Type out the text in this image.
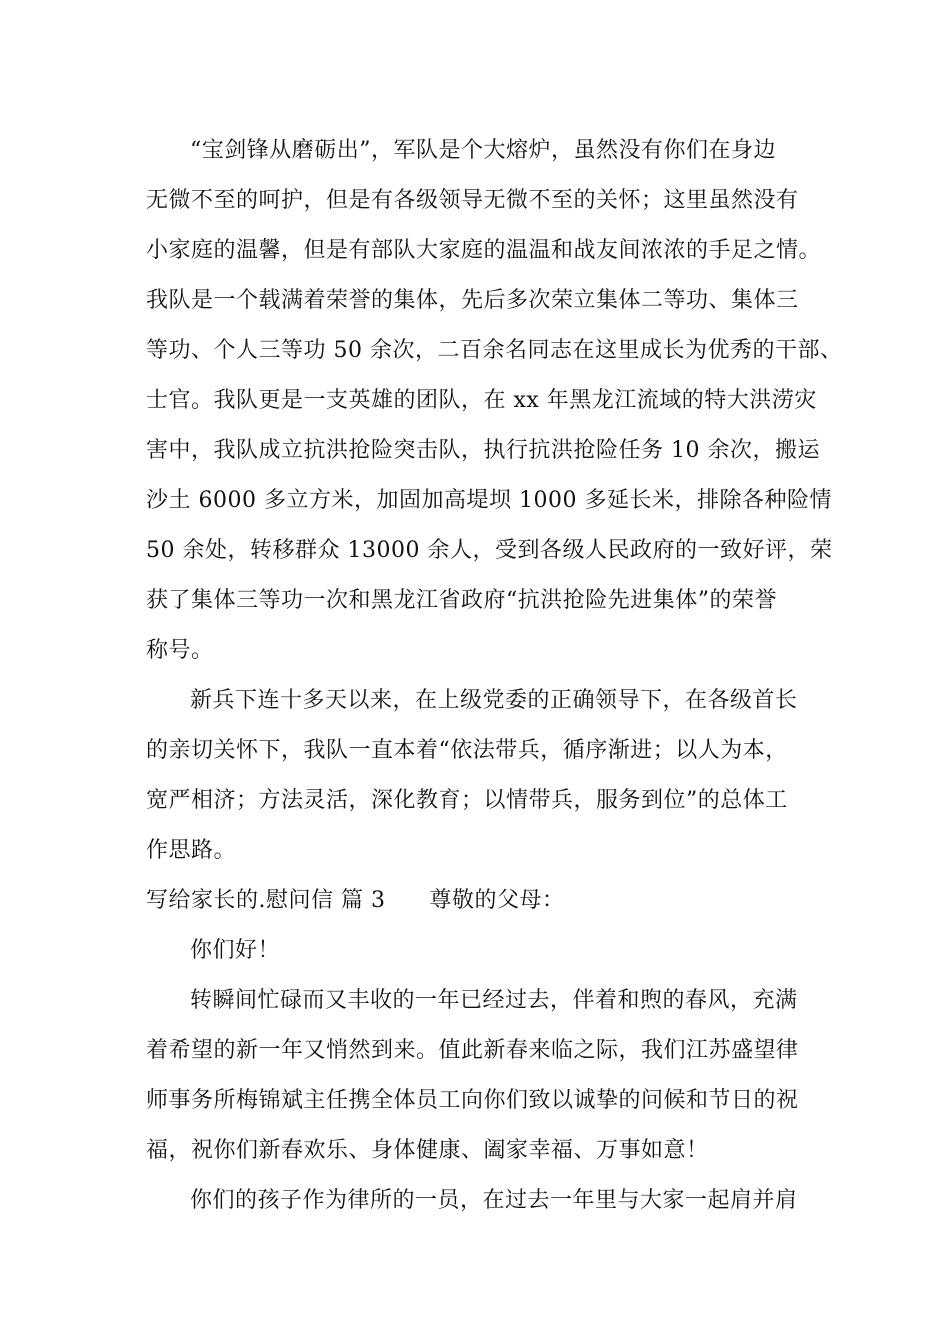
“宝剑锋从磨砺出”，军队是个大熔炉，虽然没有你们在身边
无微不至的呵护，但是有各级领导无微不至的关怀；这里虽然没有
小家庭的温馨，但是有部队大家庭的温温和战友间浓浓的手足之情。
我队是一个载满着荣誉的集体，先后多次荣立集体二等功、集体三
等功、个人三等功 50 余次，二百余名同志在这里成长为优秀的干部、
士官。我队更是一支英雄的团队，在 xx 年黑龙江流域的特大洪涝灾
害中，我队成立抗洪抢险突击队，执行抗洪抢险任务 10 余次，搬运
沙土 6000 多立方米，加固加高堤坝 1000 多延长米，排除各种险情
50 余处，转移群众 13000 余人，受到各级人民政府的一致好评，荣
获了集体三等功一次和黑龙江省政府“抗洪抢险先进集体”的荣誉
称号。
新兵下连十多天以来，在上级党委的正确领导下，在各级首长
的亲切关怀下，我队一直本着“依法带兵，循序渐进；以人为本，
宽严相济；方法灵活，深化教育；以情带兵，服务到位”的总体工
作思路。
写给家长的.慰问信 篇 3 尊敬的父母：
你们好！
转瞬间忙碌而又丰收的一年已经过去，伴着和煦的春风，充满
着希望的新一年又悄然到来。值此新春来临之际，我们江苏盛望律
师事务所梅锦斌主任携全体员工向你们致以诚挚的问候和节日的祝
福，祝你们新春欢乐、身体健康、阖家幸福、万事如意！
你们的孩子作为律所的一员，在过去一年里与大家一起肩并肩
